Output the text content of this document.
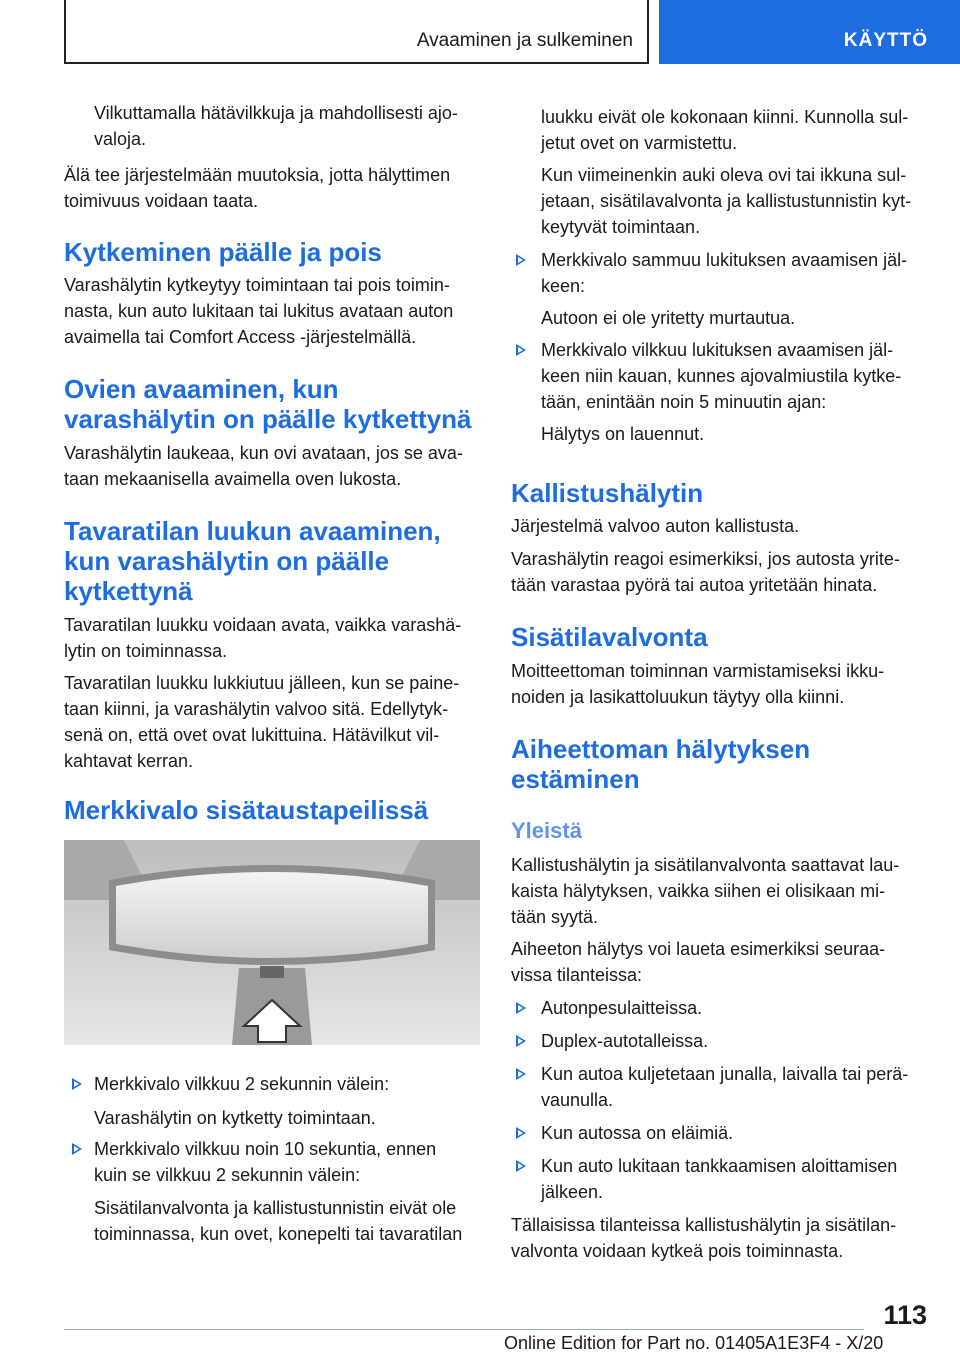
Avaaminen ja sulkeminen	KÄYTTÖ
Vilkuttamalla hätävilkkuja ja mahdollisesti ajo-
valoja.
Älä tee järjestelmään muutoksia, jotta hälyttimen
toimivuus voidaan taata.
Kytkeminen päälle ja pois
Varashälytin kytkeytyy toimintaan tai pois toimin-
nasta, kun auto lukitaan tai lukitus avataan auton
avaimella tai Comfort Access -järjestelmällä.
Ovien avaaminen, kun
varashälytin on päälle kytkettynä
Varashälytin laukeaa, kun ovi avataan, jos se ava-
taan mekaanisella avaimella oven lukosta.
Tavaratilan luukun avaaminen,
kun varashälytin on päälle
kytkettynä
Tavaratilan luukku voidaan avata, vaikka varashä-
lytin on toiminnassa.
Tavaratilan luukku lukkiutuu jälleen, kun se paine-
taan kiinni, ja varashälytin valvoo sitä. Edellytyk-
senä on, että ovet ovat lukittuina. Hätävilkut vil-
kahtavat kerran.
Merkkivalo sisätaustapeilissä
Merkkivalo vilkkuu 2 sekunnin välein:
Varashälytin on kytketty toimintaan.
Merkkivalo vilkkuu noin 10 sekuntia, ennen
kuin se vilkkuu 2 sekunnin välein:
Sisätilanvalvonta ja kallistustunnistin eivät ole
toiminnassa, kun ovet, konepelti tai tavaratilan
luukku eivät ole kokonaan kiinni. Kunnolla sul-
jetut ovet on varmistettu.
Kun viimeinenkin auki oleva ovi tai ikkuna sul-
jetaan, sisätilavalvonta ja kallistustunnistin kyt-
keytyvät toimintaan.
Merkkivalo sammuu lukituksen avaamisen jäl-
keen:
Autoon ei ole yritetty murtautua.
Merkkivalo vilkkuu lukituksen avaamisen jäl-
keen niin kauan, kunnes ajovalmiustila kytke-
tään, enintään noin 5 minuutin ajan:
Hälytys on lauennut.
Kallistushälytin
Järjestelmä valvoo auton kallistusta.
Varashälytin reagoi esimerkiksi, jos autosta yrite-
tään varastaa pyörä tai autoa yritetään hinata.
Sisätilavalvonta
Moitteettoman toiminnan varmistamiseksi ikku-
noiden ja lasikattoluukun täytyy olla kiinni.
Aiheettoman hälytyksen
estäminen
Yleistä
Kallistushälytin ja sisätilanvalvonta saattavat lau-
kaista hälytyksen, vaikka siihen ei olisikaan mi-
tään syytä.
Aiheeton hälytys voi laueta esimerkiksi seuraa-
vissa tilanteissa:
Autonpesulaitteissa.
Duplex-autotalleissa.
Kun autoa kuljetetaan junalla, laivalla tai perä-
vaunulla.
Kun autossa on eläimiä.
Kun auto lukitaan tankkaamisen aloittamisen
jälkeen.
Tällaisissa tilanteissa kallistushälytin ja sisätilan-
valvonta voidaan kytkeä pois toiminnasta.
113
Online Edition for Part no. 01405A1E3F4 - X/20
